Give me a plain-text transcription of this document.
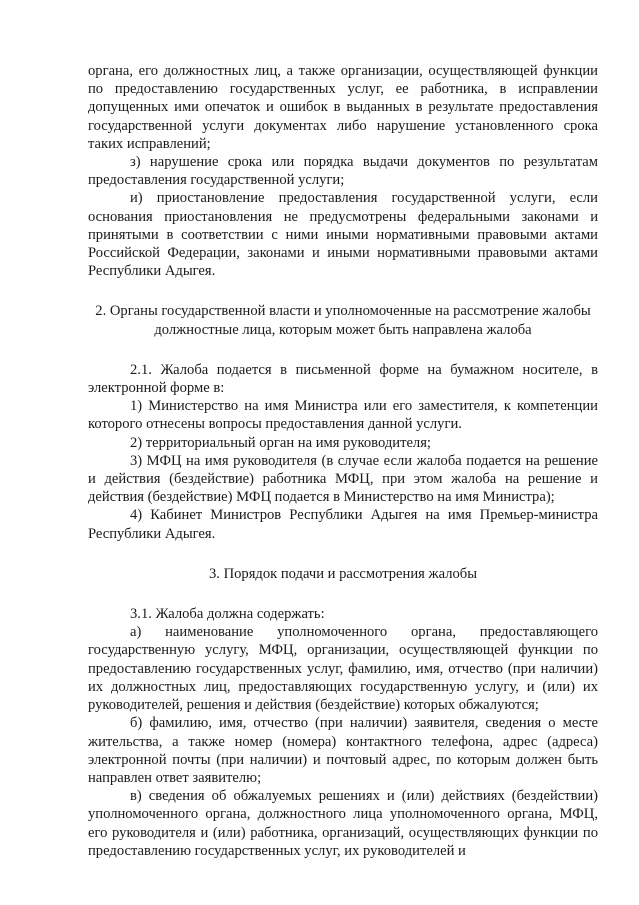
органа, его должностных лиц, а также организации, осуществляющей функции по предоставлению государственных услуг, ее работника, в исправлении допущенных ими опечаток и ошибок в выданных в результате предоставления государственной услуги документах либо нарушение установленного срока таких исправлений;

з) нарушение срока или порядка выдачи документов по результатам предоставления государственной услуги;

и) приостановление предоставления государственной услуги, если основания приостановления не предусмотрены федеральными законами и принятыми в соответствии с ними иными нормативными правовыми актами Российской Федерации, законами и иными нормативными правовыми актами Республики Адыгея.

2. Органы государственной власти и уполномоченные на рассмотрение жалобы должностные лица, которым может быть направлена жалоба

2.1. Жалоба подается в письменной форме на бумажном носителе, в электронной форме в:

1) Министерство на имя Министра или его заместителя, к компетенции которого отнесены вопросы предоставления данной услуги.

2) территориальный орган на имя руководителя;

3) МФЦ на имя руководителя (в случае если жалоба подается на решение и действия (бездействие) работника МФЦ, при этом жалоба на решение и действия (бездействие) МФЦ подается в Министерство на имя Министра);

4) Кабинет Министров Республики Адыгея на имя Премьер-министра Республики Адыгея.

3. Порядок подачи и рассмотрения жалобы

3.1. Жалоба должна содержать:

а) наименование уполномоченного органа, предоставляющего государственную услугу, МФЦ, организации, осуществляющей функции по предоставлению государственных услуг, фамилию, имя, отчество (при наличии) их должностных лиц, предоставляющих государственную услугу, и (или) их руководителей, решения и действия (бездействие) которых обжалуются;

б) фамилию, имя, отчество (при наличии) заявителя, сведения о месте жительства, а также номер (номера) контактного телефона, адрес (адреса) электронной почты (при наличии) и почтовый адрес, по которым должен быть направлен ответ заявителю;

в) сведения об обжалуемых решениях и (или) действиях (бездействии) уполномоченного органа, должностного лица уполномоченного органа, МФЦ, его руководителя и (или) работника, организаций, осуществляющих функции по предоставлению государственных услуг, их руководителей и
